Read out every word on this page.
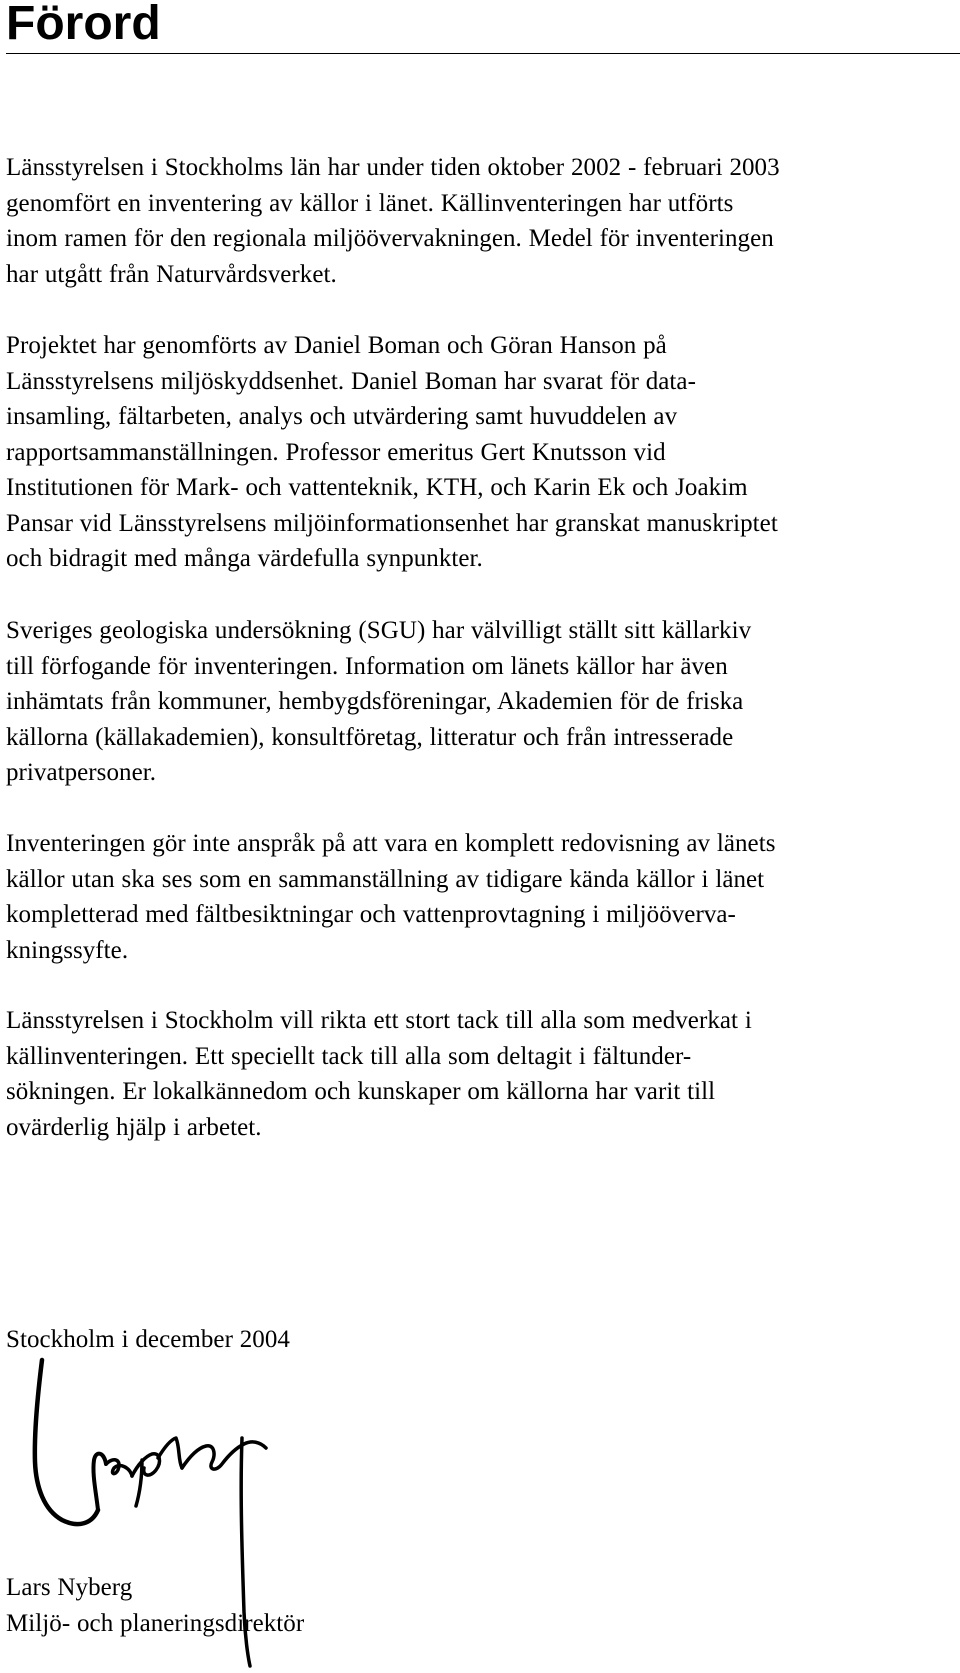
Förord

Länsstyrelsen i Stockholms län har under tiden oktober 2002 - februari 2003
genomfört en inventering av källor i länet. Källinventeringen har utförts
inom ramen för den regionala miljöövervakningen. Medel för inventeringen
har utgått från Naturvårdsverket.

Projektet har genomförts av Daniel Boman och Göran Hanson på
Länsstyrelsens miljöskyddsenhet. Daniel Boman har svarat för data-
insamling, fältarbeten, analys och utvärdering samt huvuddelen av
rapportsammanställningen. Professor emeritus Gert Knutsson vid
Institutionen för Mark- och vattenteknik, KTH, och Karin Ek och Joakim
Pansar vid Länsstyrelsens miljöinformationsenhet har granskat manuskriptet
och bidragit med många värdefulla synpunkter.

Sveriges geologiska undersökning (SGU) har välvilligt ställt sitt källarkiv
till förfogande för inventeringen. Information om länets källor har även
inhämtats från kommuner, hembygdsföreningar, Akademien för de friska
källorna (källakademien), konsultföretag, litteratur och från intresserade
privatpersoner.

Inventeringen gör inte anspråk på att vara en komplett redovisning av länets
källor utan ska ses som en sammanställning av tidigare kända källor i länet
kompletterad med fältbesiktningar och vattenprovtagning i miljööverva-
kningssyfte.

Länsstyrelsen i Stockholm vill rikta ett stort tack till alla som medverkat i
källinventeringen. Ett speciellt tack till alla som deltagit i fältunder-
sökningen. Er lokalkännedom och kunskaper om källorna har varit till
ovärderlig hjälp i arbetet.

Stockholm i december 2004

Lars Nyberg
Miljö- och planeringsdirektör
